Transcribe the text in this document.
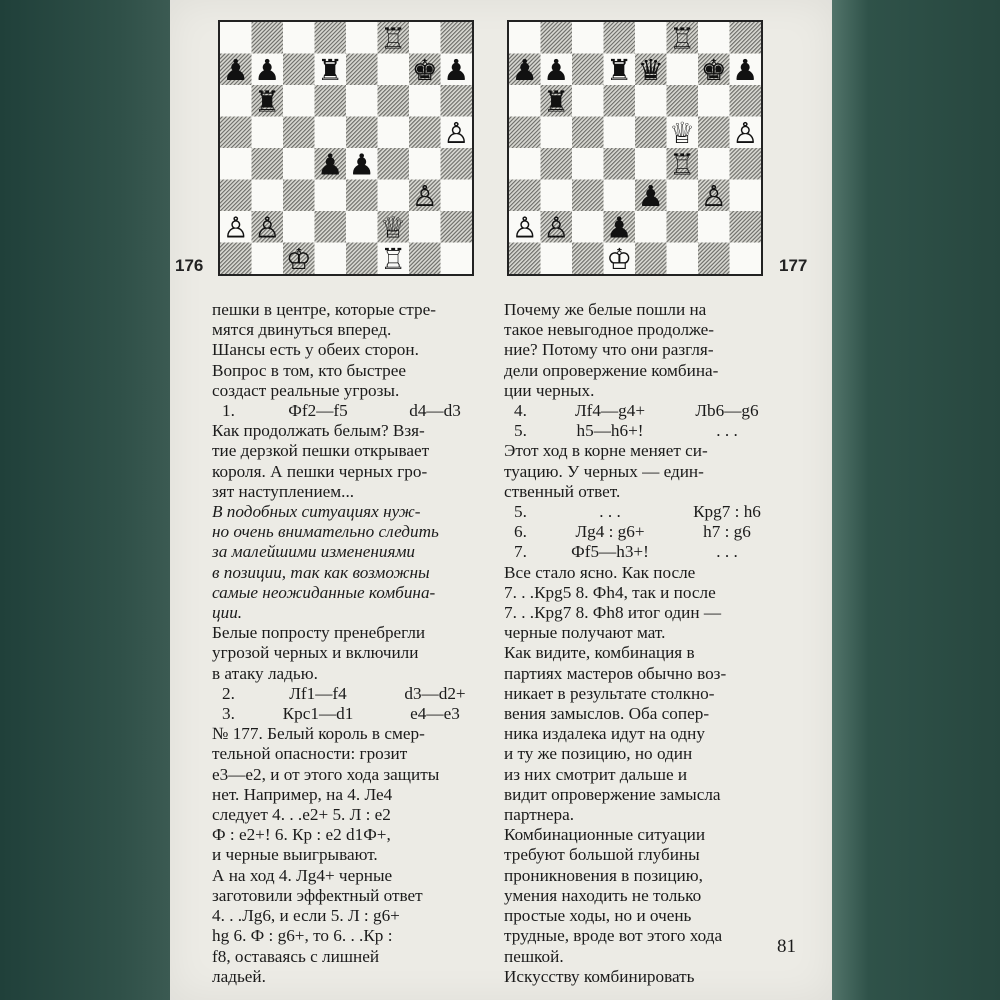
176	177

пешки в центре, которые стре-

мятся двинуться вперед.

Шансы есть у обеих сторон.

Вопрос в том, кто быстрее

создаст реальные угрозы.

1.	Фf2—f5	d4—d3

Как продолжать белым? Взя-

тие дерзкой пешки открывает

короля. А пешки черных гро-

зят наступлением...

В подобных ситуациях нуж-

но очень внимательно следить

за малейшими изменениями

в позиции, так как возможны

самые неожиданные комбина-

ции.

Белые попросту пренебрегли

угрозой черных и включили

в атаку ладью.

2.	Лf1—f4	d3—d2+
3.	Крс1—d1	e4—e3

№ 177. Белый король в смер-

тельной опасности: грозит

е3—е2, и от этого хода защиты

нет. Например, на 4. Ле4

следует 4. . .е2+ 5. Л : е2

Ф : е2+! 6. Кр : е2 d1Ф+,

и черные выигрывают.

А на ход 4. Лg4+ черные

заготовили эффектный ответ

4. . .Лg6, и если 5. Л : g6+

hg 6. Ф : g6+, то 6. . .Кр :

f8, оставаясь с лишней

ладьей.

Почему же белые пошли на

такое невыгодное продолже-

ние? Потому что они разгля-

дели опровержение комбина-

ции черных.

4.	Лf4—g4+	Лb6—g6
5.	h5—h6+!	. . .

Этот ход в корне меняет си-

туацию. У черных — един-

ственный ответ.

5.	. . .	Крg7 : h6
6.	Лg4 : g6+	h7 : g6
7.	Фf5—h3+!	. . .

Все стало ясно. Как после

7. . .Крg5 8. Фh4, так и после

7. . .Крg7 8. Фh8 итог один —

черные получают мат.

Как видите, комбинация в

партиях мастеров обычно воз-

никает в результате столкно-

вения замыслов. Оба сопер-

ника издалека идут на одну

и ту же позицию, но один

из них смотрит дальше и

видит опровержение замысла

партнера.

Комбинационные ситуации

требуют большой глубины

проникновения в позицию,

умения находить не только

простые ходы, но и очень

трудные, вроде вот этого хода

пешкой.

Искусству комбинировать

81
